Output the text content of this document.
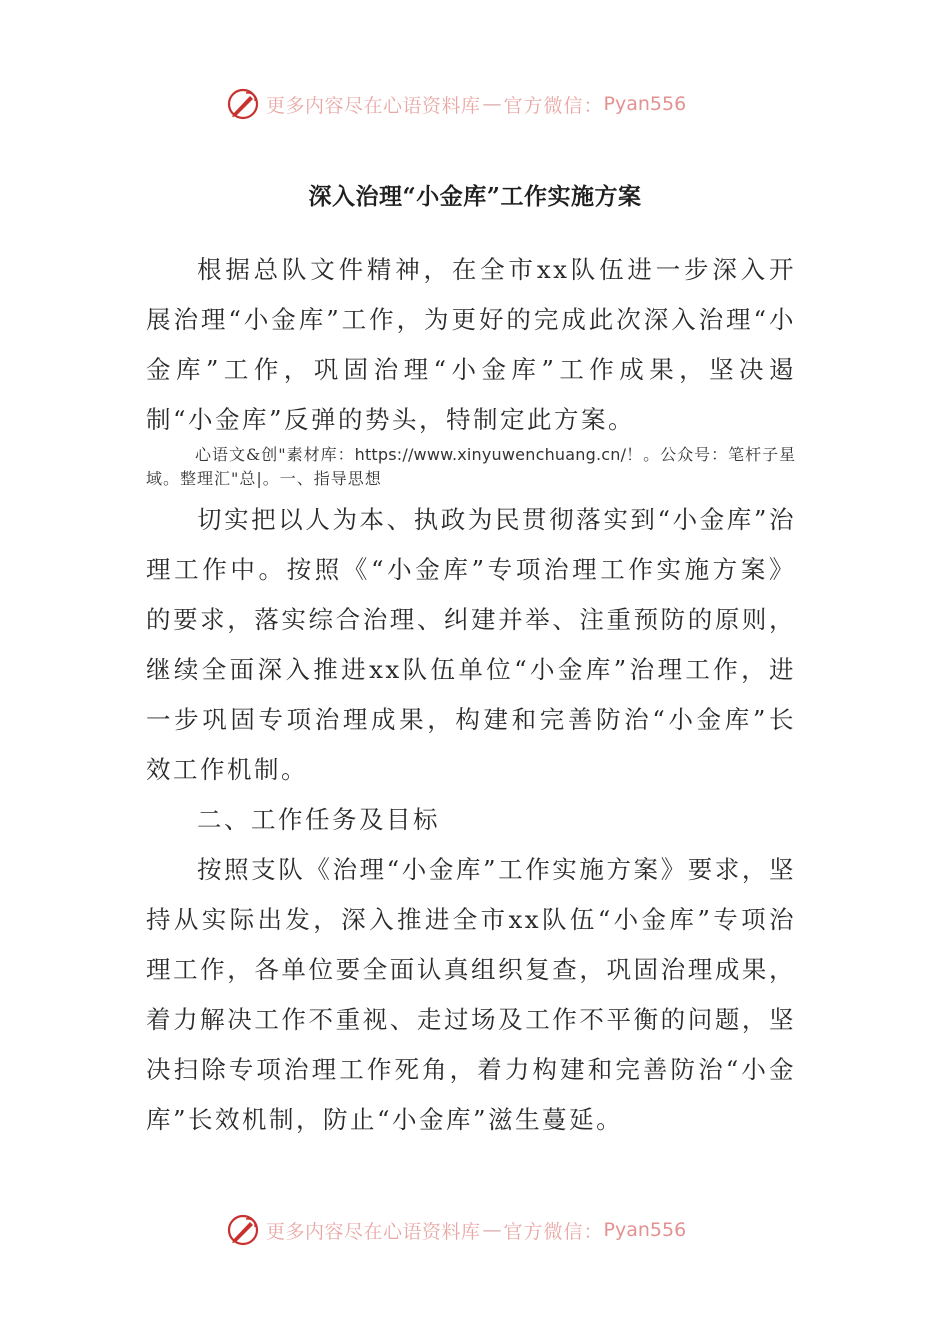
更多内容尽在心语资料库 — 官方微信： Pyan556
深入治理“小金库”工作实施方案

根据总队文件精神，在全市xx队伍进一步深入开展治理“小金库”工作，为更好的完成此次深入治理“小金库”工作，巩固治理“小金库”工作成果，坚决遏制“小金库”反弹的势头，特制定此方案。

心语文&创"素材库：https://www.xinyuwenchuang.cn/！。公众号：笔杆子星域。整理汇"总|。一、指导思想

切实把以人为本、执政为民贯彻落实到“小金库”治理工作中。按照《“小金库”专项治理工作实施方案》的要求，落实综合治理、纠建并举、注重预防的原则，继续全面深入推进xx队伍单位“小金库”治理工作，进一步巩固专项治理成果，构建和完善防治“小金库”长效工作机制。

二、工作任务及目标

按照支队《治理“小金库”工作实施方案》要求，坚持从实际出发，深入推进全市xx队伍“小金库”专项治理工作，各单位要全面认真组织复查，巩固治理成果，着力解决工作不重视、走过场及工作不平衡的问题，坚决扫除专项治理工作死角，着力构建和完善防治“小金库”长效机制，防止“小金库”滋生蔓延。

更多内容尽在心语资料库 — 官方微信： Pyan556
